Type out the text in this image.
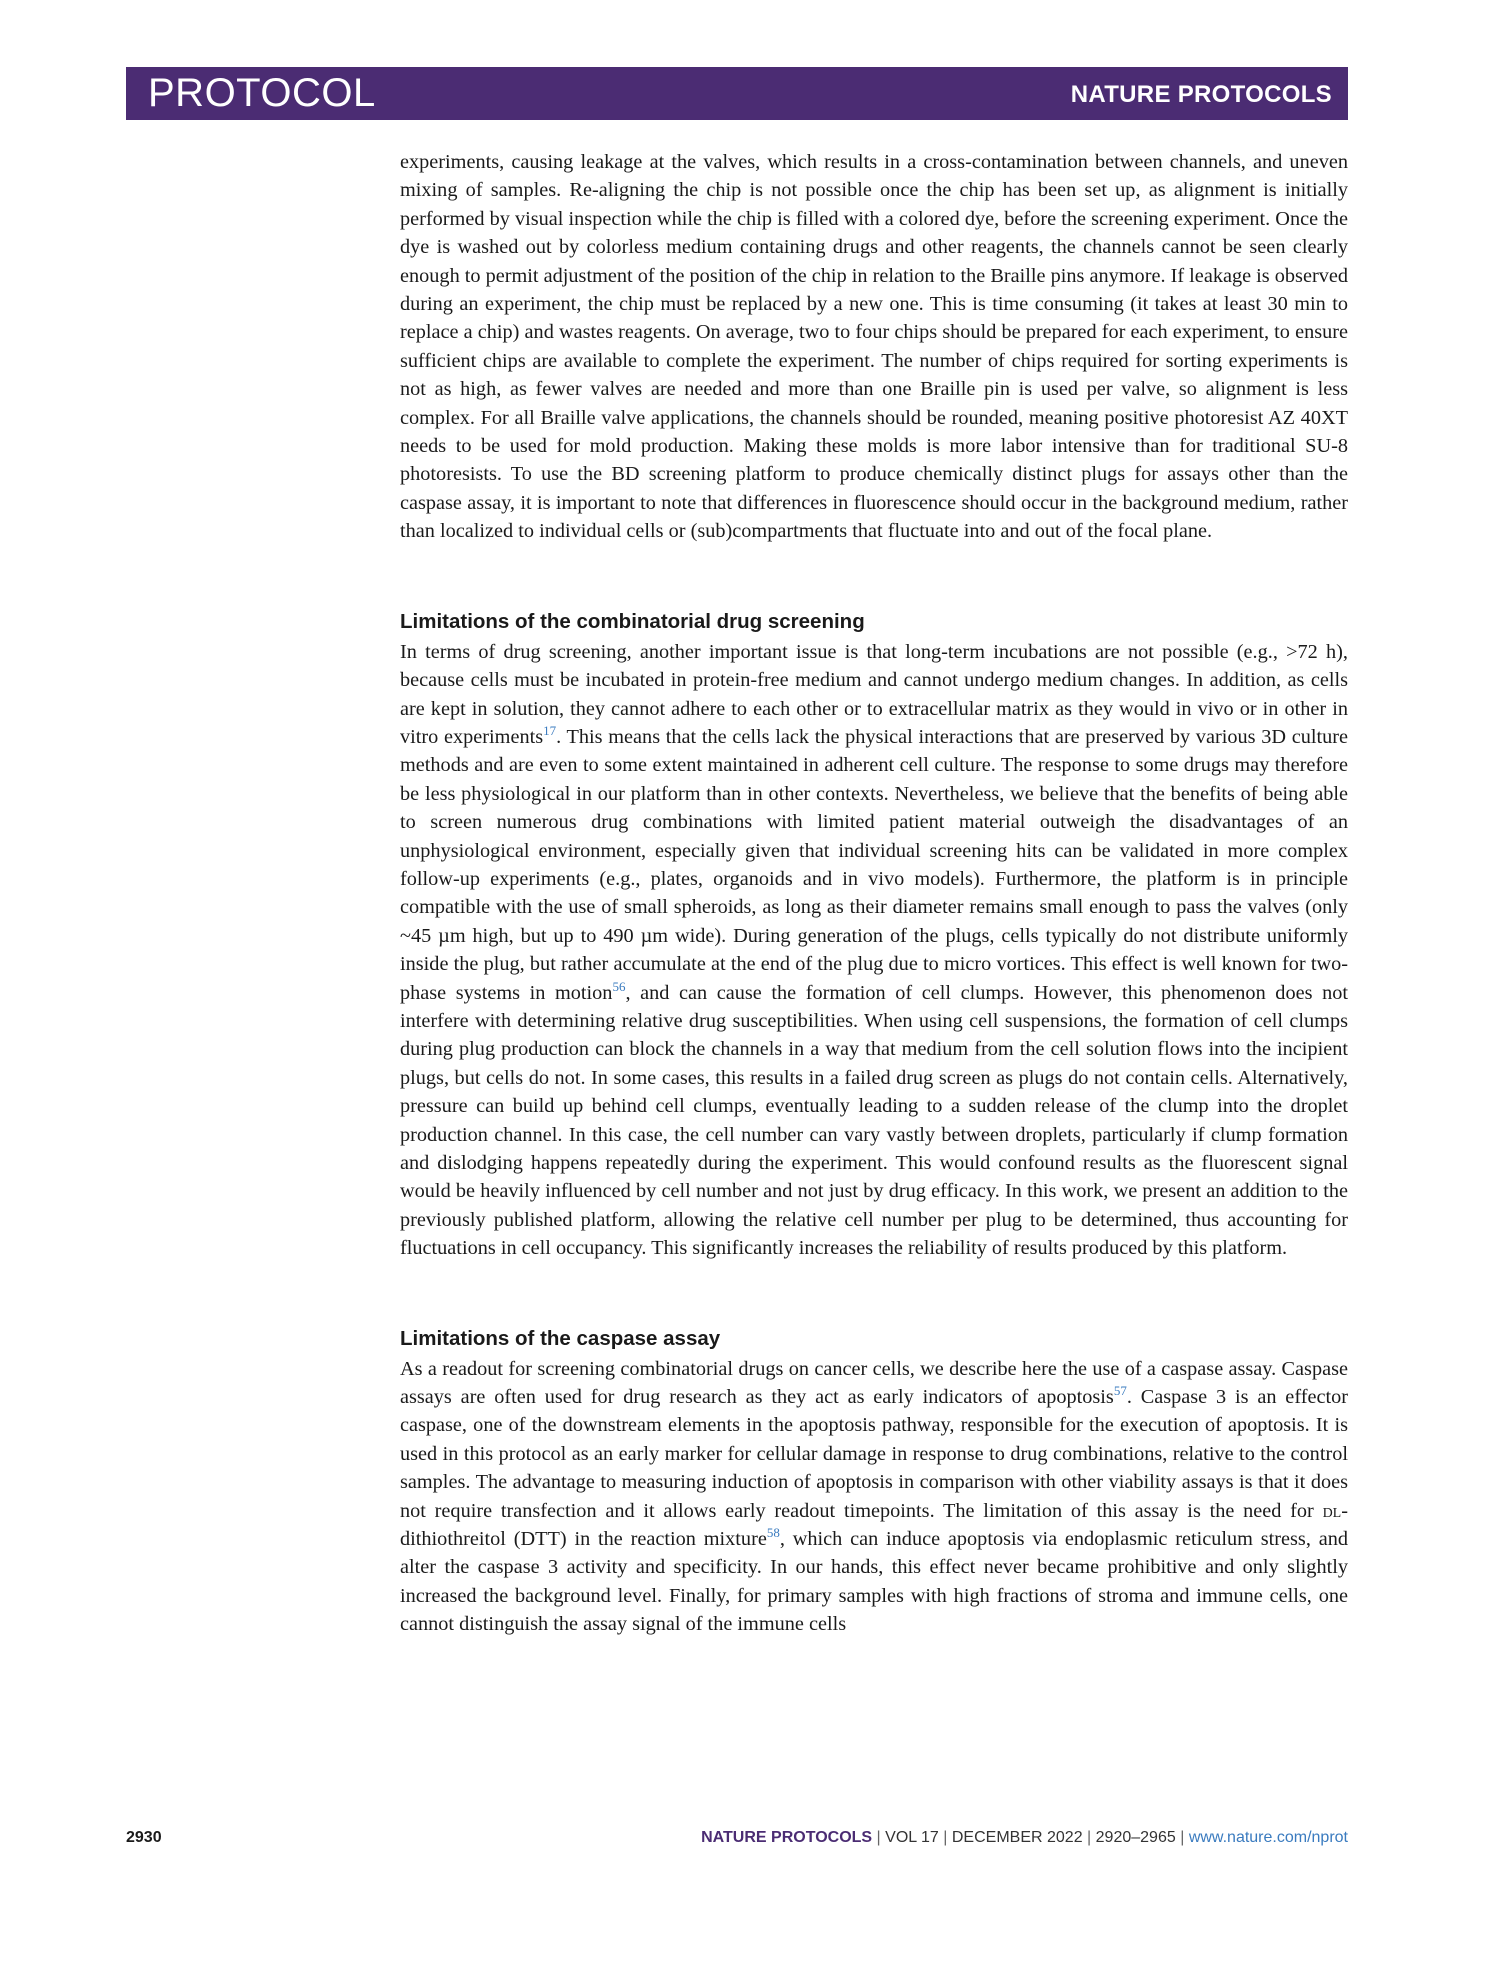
PROTOCOL	NATURE PROTOCOLS

experiments, causing leakage at the valves, which results in a cross-contamination between channels, and uneven mixing of samples. Re-aligning the chip is not possible once the chip has been set up, as alignment is initially performed by visual inspection while the chip is filled with a colored dye, before the screening experiment. Once the dye is washed out by colorless medium containing drugs and other reagents, the channels cannot be seen clearly enough to permit adjustment of the position of the chip in relation to the Braille pins anymore. If leakage is observed during an experiment, the chip must be replaced by a new one. This is time consuming (it takes at least 30 min to replace a chip) and wastes reagents. On average, two to four chips should be prepared for each experiment, to ensure sufficient chips are available to complete the experiment. The number of chips required for sorting experiments is not as high, as fewer valves are needed and more than one Braille pin is used per valve, so alignment is less complex. For all Braille valve applications, the channels should be rounded, meaning positive photoresist AZ 40XT needs to be used for mold production. Making these molds is more labor intensive than for traditional SU-8 photoresists. To use the BD screening platform to produce chemically distinct plugs for assays other than the caspase assay, it is important to note that differences in fluorescence should occur in the background medium, rather than localized to individual cells or (sub)compartments that fluctuate into and out of the focal plane.

Limitations of the combinatorial drug screening

In terms of drug screening, another important issue is that long-term incubations are not possible (e.g., >72 h), because cells must be incubated in protein-free medium and cannot undergo medium changes. In addition, as cells are kept in solution, they cannot adhere to each other or to extracellular matrix as they would in vivo or in other in vitro experiments$^{17}$. This means that the cells lack the physical interactions that are preserved by various 3D culture methods and are even to some extent maintained in adherent cell culture. The response to some drugs may therefore be less physiological in our platform than in other contexts. Nevertheless, we believe that the benefits of being able to screen numerous drug combinations with limited patient material outweigh the disadvantages of an unphysiological environment, especially given that individual screening hits can be validated in more complex follow-up experiments (e.g., plates, organoids and in vivo models). Furthermore, the platform is in principle compatible with the use of small spheroids, as long as their diameter remains small enough to pass the valves (only ~45 µm high, but up to 490 µm wide). During generation of the plugs, cells typically do not distribute uniformly inside the plug, but rather accumulate at the end of the plug due to micro vortices. This effect is well known for two-phase systems in motion$^{56}$, and can cause the formation of cell clumps. However, this phenomenon does not interfere with determining relative drug susceptibilities. When using cell suspensions, the formation of cell clumps during plug production can block the channels in a way that medium from the cell solution flows into the incipient plugs, but cells do not. In some cases, this results in a failed drug screen as plugs do not contain cells. Alternatively, pressure can build up behind cell clumps, eventually leading to a sudden release of the clump into the droplet production channel. In this case, the cell number can vary vastly between droplets, particularly if clump formation and dislodging happens repeatedly during the experiment. This would confound results as the fluorescent signal would be heavily influenced by cell number and not just by drug efficacy. In this work, we present an addition to the previously published platform, allowing the relative cell number per plug to be determined, thus accounting for fluctuations in cell occupancy. This significantly increases the reliability of results produced by this platform.

Limitations of the caspase assay

As a readout for screening combinatorial drugs on cancer cells, we describe here the use of a caspase assay. Caspase assays are often used for drug research as they act as early indicators of apoptosis$^{57}$. Caspase 3 is an effector caspase, one of the downstream elements in the apoptosis pathway, responsible for the execution of apoptosis. It is used in this protocol as an early marker for cellular damage in response to drug combinations, relative to the control samples. The advantage to measuring induction of apoptosis in comparison with other viability assays is that it does not require transfection and it allows early readout timepoints. The limitation of this assay is the need for dl-dithiothreitol (DTT) in the reaction mixture$^{58}$, which can induce apoptosis via endoplasmic reticulum stress, and alter the caspase 3 activity and specificity. In our hands, this effect never became prohibitive and only slightly increased the background level. Finally, for primary samples with high fractions of stroma and immune cells, one cannot distinguish the assay signal of the immune cells

2930	NATURE PROTOCOLS | VOL 17 | DECEMBER 2022 | 2920–2965 | www.nature.com/nprot
